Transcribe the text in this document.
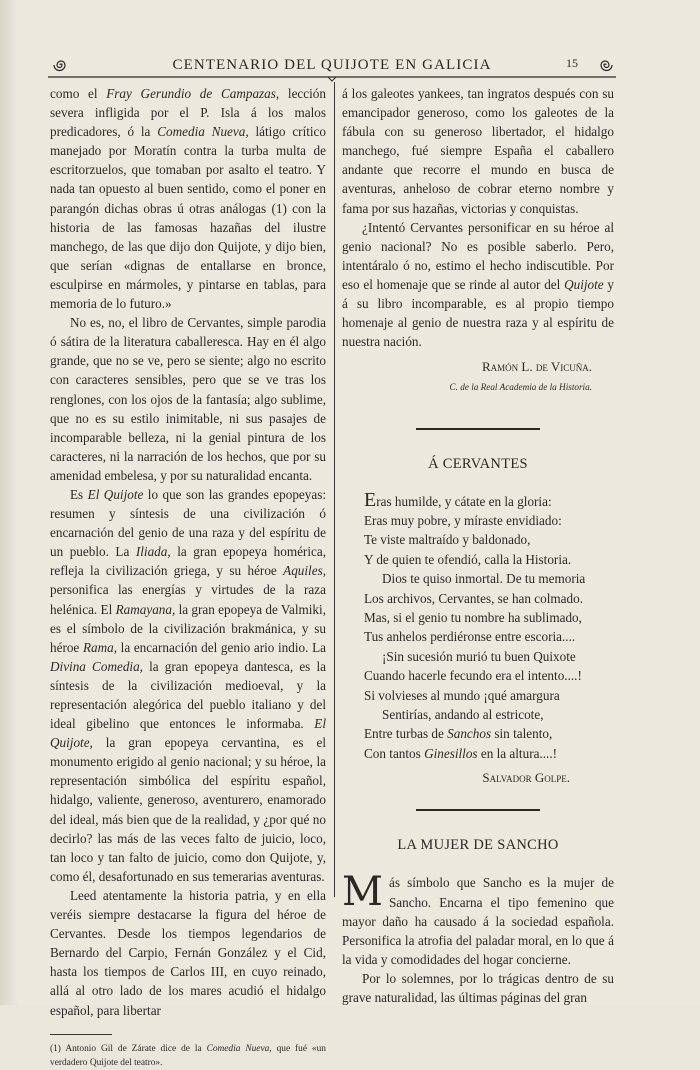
CENTENARIO DEL QUIJOTE EN GALICIA	15

como el Fray Gerundio de Campazas, lección severa infligida por el P. Isla á los malos predicadores, ó la Comedia Nueva, látigo crítico manejado por Moratín contra la turba multa de escritorzuelos, que tomaban por asalto el teatro. Y nada tan opuesto al buen sentido, como el poner en parangón dichas obras ú otras análogas (1) con la historia de las famosas hazañas del ilustre manchego, de las que dijo don Quijote, y dijo bien, que serían «dignas de entallarse en bronce, esculpirse en mármoles, y pintarse en tablas, para memoria de lo futuro.»

No es, no, el libro de Cervantes, simple parodia ó sátira de la literatura caballeresca. Hay en él algo grande, que no se ve, pero se siente; algo no escrito con caracteres sensibles, pero que se ve tras los renglones, con los ojos de la fantasía; algo sublime, que no es su estilo inimitable, ni sus pasajes de incomparable belleza, ni la genial pintura de los caracteres, ni la narración de los hechos, que por su amenidad embelesa, y por su naturalidad encanta.

Es El Quijote lo que son las grandes epopeyas: resumen y síntesis de una civilización ó encarnación del genio de una raza y del espíritu de un pueblo. La Iliada, la gran epopeya homérica, refleja la civilización griega, y su héroe Aquiles, personifica las energías y virtudes de la raza helénica. El Ramayana, la gran epopeya de Valmiki, es el símbolo de la civilización brakmánica, y su héroe Rama, la encarnación del genio ario indio. La Divina Comedia, la gran epopeya dantesca, es la síntesis de la civilización medioeval, y la representación alegórica del pueblo italiano y del ideal gibelino que entonces le informaba. El Quijote, la gran epopeya cervantina, es el monumento erigido al genio nacional; y su héroe, la representación simbólica del espíritu español, hidalgo, valiente, generoso, aventurero, enamorado del ideal, más bien que de la realidad, y ¿por qué no decirlo? las más de las veces falto de juicio, loco, tan loco y tan falto de juicio, como don Quijote, y, como él, desafortunado en sus temerarias aventuras.

Leed atentamente la historia patria, y en ella veréis siempre destacarse la figura del héroe de Cervantes. Desde los tiempos legendarios de Bernardo del Carpio, Fernán González y el Cid, hasta los tiempos de Carlos III, en cuyo reinado, allá al otro lado de los mares acudió el hidalgo español, para libertar

(1) Antonio Gil de Zárate dice de la Comedia Nueva, que fué «un verdadero Quijote del teatro».

á los galeotes yankees, tan ingratos después con su emancipador generoso, como los galeotes de la fábula con su generoso libertador, el hidalgo manchego, fué siempre España el caballero andante que recorre el mundo en busca de aventuras, anheloso de cobrar eterno nombre y fama por sus hazañas, victorias y conquistas.

¿Intentó Cervantes personificar en su héroe al genio nacional? No es posible saberlo. Pero, intentáralo ó no, estimo el hecho indiscutible. Por eso el homenaje que se rinde al autor del Quijote y á su libro incomparable, es al propio tiempo homenaje al genio de nuestra raza y al espíritu de nuestra nación.

Ramón L. de Vicuña.
C. de la Real Academia de la Historia.
Á CERVANTES
Eras humilde, y cátate en la gloria:
Eras muy pobre, y míraste envidiado:
Te viste maltraído y baldonado,
Y de quien te ofendió, calla la Historia.
Dios te quiso inmortal. De tu memoria
Los archivos, Cervantes, se han colmado.
Mas, si el genio tu nombre ha sublimado,
Tus anhelos perdiéronse entre escoria....
¡Sin sucesión murió tu buen Quixote
Cuando hacerle fecundo era el intento....!
Si volvieses al mundo ¡qué amargura
Sentirías, andando al estricote,
Entre turbas de Sanchos sin talento,
Con tantos Ginesillos en la altura....!
Salvador Golpe.
LA MUJER DE SANCHO

Más símbolo que Sancho es la mujer de Sancho. Encarna el tipo femenino que mayor daño ha causado á la sociedad española. Personifica la atrofia del paladar moral, en lo que á la vida y comodidades del hogar concierne.

Por lo solemnes, por lo trágicas dentro de su grave naturalidad, las últimas páginas del gran
